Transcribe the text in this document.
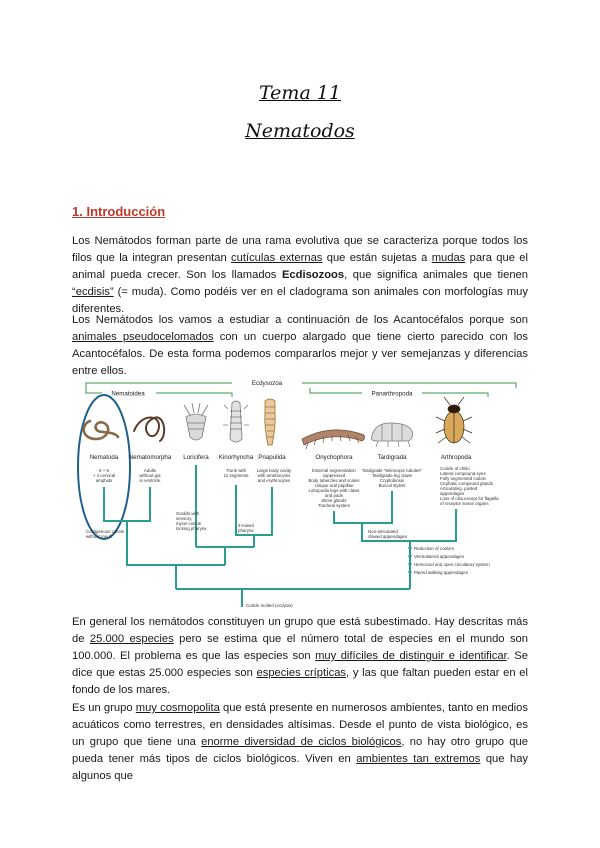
Tema 11
Nematodos
1. Introducción

Los Nemátodos forman parte de una rama evolutiva que se caracteriza porque todos los filos que la integran presentan cutículas externas que están sujetas a mudas para que el animal pueda crecer. Son los llamados Ecdisozoos, que significa animales que tienen “ecdisis” (= muda). Como podéis ver en el cladograma son animales con morfologías muy diferentes.

Los Nemátodos los vamos a estudiar a continuación de los Acantocéfalos porque son animales pseudocelomados con un cuerpo alargado que tiene cierto parecido con los Acantocéfalos. De esta forma podemos compararlos mejor y ver semejanzas y diferencias entre ellos.

Ecdysozoa
Nematoidea	Panarthropoda
Nematoda Nematomorpha Loricifera Kinorhyncha Priapulida	Onychophora	Tardigrada	Arthropoda
5 + 5
+ 4 cervical
amphids
Adults
without gut
in ventricle
Trunk with
11 segments
Large body cavity
with amebocytes
and erythrocytes
External segmentation
suppressed
Body tubercles and scales
Unique oral papillae
Lobopodia legs with claws
and pads
Slime glands
Tracheal system
Tardigrade "telescopic tubules"
Tardigrade leg claws
Cryptobiosis
Buccal stylets
Cuticle of chitin
Lateral compound eyes
Fully segmented cuticle
Cephalic compound glands
Articulating, jointed
appendages
Loss of cilia except for flagella
of receptor sense organs
Collagenous cuticle
without moult
Scalids with
sensory,
mycel cuticle
locking pharynx
3-rowed
pharynx	Non-articulated
clawed appendages
Reduction of coelom
Ventrolateral appendages
Hemocoel and open circulatory system
Paired walking appendages
Cuticle molted (ecdysis)

En general los nemátodos constituyen un grupo que está subestimado. Hay descritas más de 25.000 especies pero se estima que el número total de especies en el mundo son 100.000. El problema es que las especies son muy difíciles de distinguir e identificar. Se dice que estas 25.000 especies son especies crípticas, y las que faltan pueden estar en el fondo de los mares.

Es un grupo muy cosmopolita que está presente en numerosos ambientes, tanto en medios acuáticos como terrestres, en densidades altísimas. Desde el punto de vista biológico, es un grupo que tiene una enorme diversidad de ciclos biológicos, no hay otro grupo que pueda tener más tipos de ciclos biológicos. Viven en ambientes tan extremos que hay algunos que
